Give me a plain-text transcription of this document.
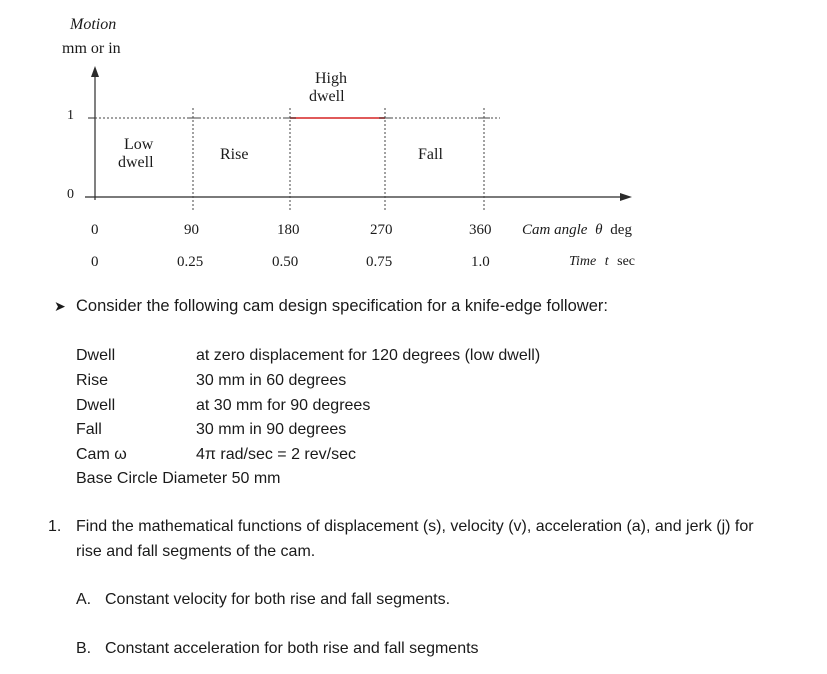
Motion
mm or in
1
0
Low
dwell	Rise
High
dwell
Fall
0	90	180	270	360 Cam angle θ deg
0	0.25	0.50	0.75	1.0	Time t sec
➤ Consider the following cam design specification for a knife-edge follower:
Dwell	at zero displacement for 120 degrees (low dwell)
Rise	30 mm in 60 degrees
Dwell	at 30 mm for 90 degrees
Fall	30 mm in 90 degrees
Cam ω	4π rad/sec = 2 rev/sec
Base Circle Diameter 50 mm
1. Find the mathematical functions of displacement (s), velocity (v), acceleration (a), and jerk (j) for
rise and fall segments of the cam.
A. Constant velocity for both rise and fall segments.
B. Constant acceleration for both rise and fall segments
